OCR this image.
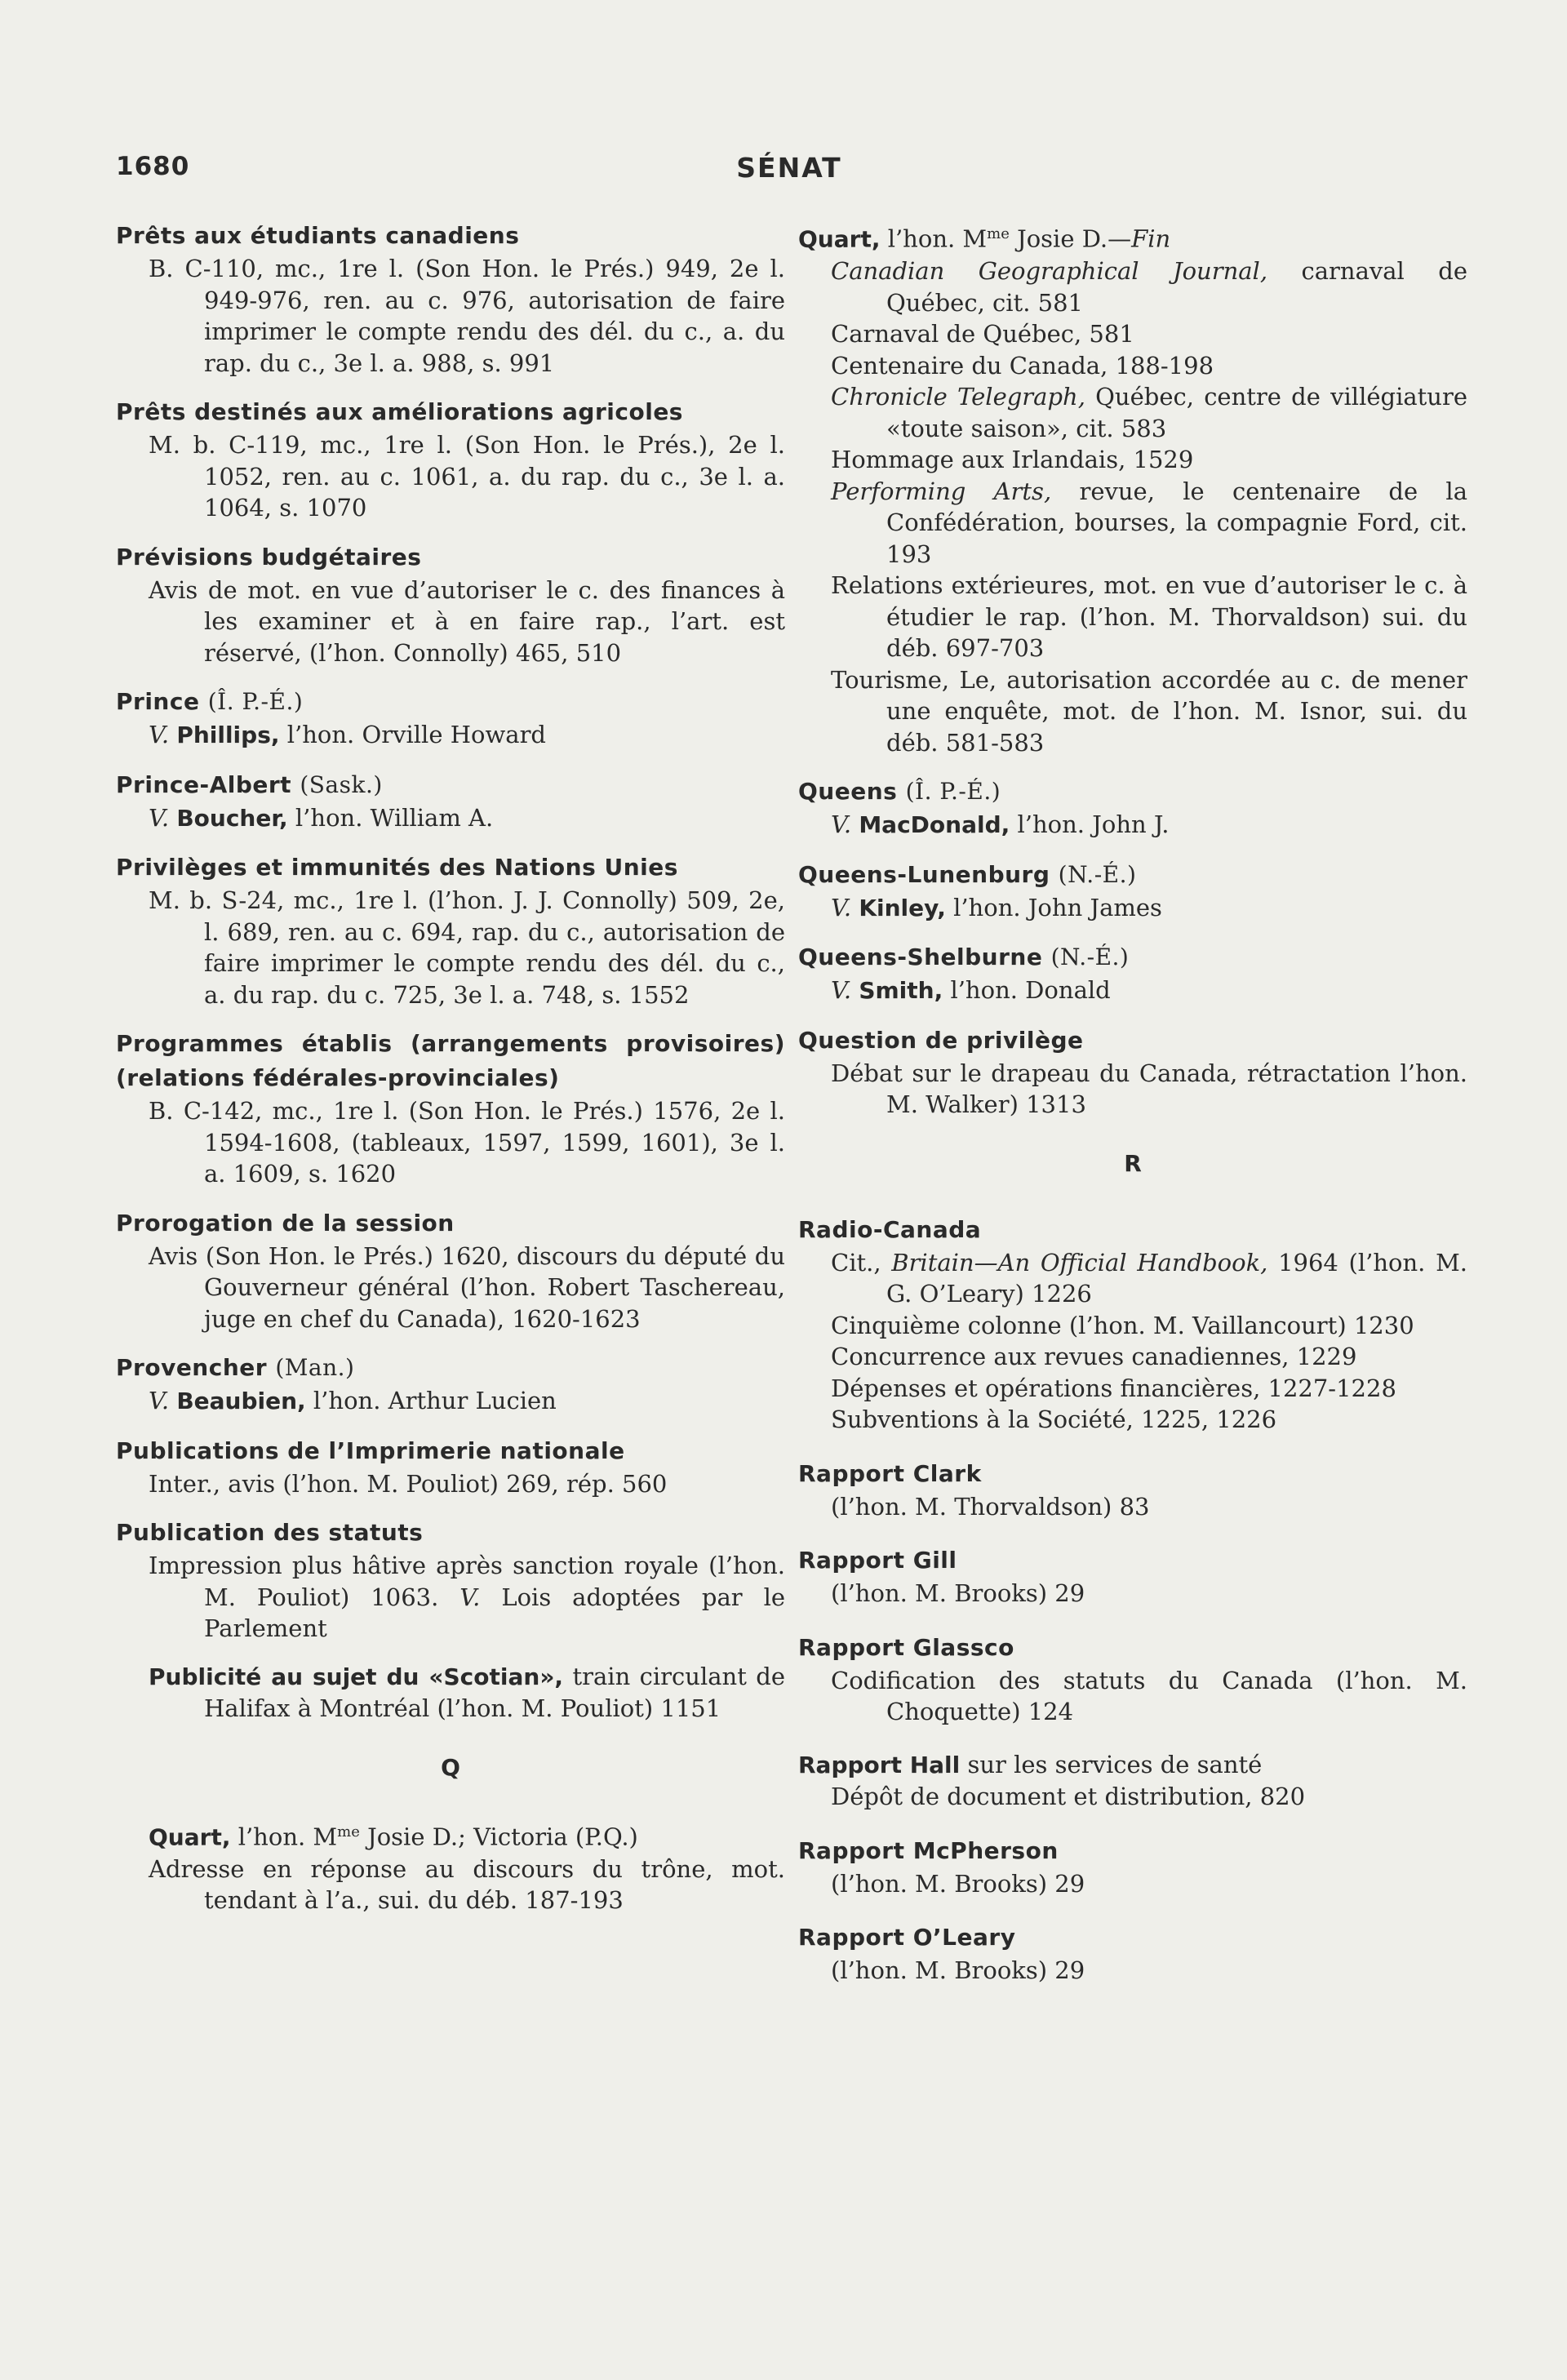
1680	SÉNAT
Prêts aux étudiants canadiens
B. C-110, mc., 1re l. (Son Hon. le Prés.) 949, 2e l. 949-976, ren. au c. 976, autorisation de faire imprimer le compte rendu des dél. du c., a. du rap. du c., 3e l. a. 988, s. 991
Prêts destinés aux améliorations agricoles
M. b. C-119, mc., 1re l. (Son Hon. le Prés.), 2e l. 1052, ren. au c. 1061, a. du rap. du c., 3e l. a. 1064, s. 1070
Prévisions budgétaires
Avis de mot. en vue d’autoriser le c. des finances à les examiner et à en faire rap., l’art. est réservé, (l’hon. Connolly) 465, 510
Prince (Î. P.-É.)
V. Phillips, l’hon. Orville Howard
Prince-Albert (Sask.)
V. Boucher, l’hon. William A.
Privilèges et immunités des Nations Unies
M. b. S-24, mc., 1re l. (l’hon. J. J. Connolly) 509, 2e, l. 689, ren. au c. 694, rap. du c., autorisation de faire imprimer le compte rendu des dél. du c., a. du rap. du c. 725, 3e l. a. 748, s. 1552
Programmes établis (arrangements provisoires) (relations fédérales-provinciales)
B. C-142, mc., 1re l. (Son Hon. le Prés.) 1576, 2e l. 1594-1608, (tableaux, 1597, 1599, 1601), 3e l. a. 1609, s. 1620
Prorogation de la session
Avis (Son Hon. le Prés.) 1620, discours du député du Gouverneur général (l’hon. Robert Taschereau, juge en chef du Canada), 1620-1623
Provencher (Man.)
V. Beaubien, l’hon. Arthur Lucien
Publications de l’Imprimerie nationale
Inter., avis (l’hon. M. Pouliot) 269, rép. 560
Publication des statuts
Impression plus hâtive après sanction royale (l’hon. M. Pouliot) 1063. V. Lois adoptées par le Parlement
Publicité au sujet du «Scotian», train circulant de Halifax à Montréal (l’hon. M. Pouliot) 1151
Q
Quart, l’hon. $M^{me}$ Josie D.; Victoria (P.Q.)
Adresse en réponse au discours du trône, mot. tendant à l’a., sui. du déb. 187-193
Quart, l’hon. $M^{me}$ Josie D.—Fin
Canadian Geographical Journal, carnaval de Québec, cit. 581
Carnaval de Québec, 581
Centenaire du Canada, 188-198
Chronicle Telegraph, Québec, centre de villégiature «toute saison», cit. 583
Hommage aux Irlandais, 1529
Performing Arts, revue, le centenaire de la Confédération, bourses, la compagnie Ford, cit. 193
Relations extérieures, mot. en vue d’autoriser le c. à étudier le rap. (l’hon. M. Thorvaldson) sui. du déb. 697-703
Tourisme, Le, autorisation accordée au c. de mener une enquête, mot. de l’hon. M. Isnor, sui. du déb. 581-583
Queens (Î. P.-É.)
V. MacDonald, l’hon. John J.
Queens-Lunenburg (N.-É.)
V. Kinley, l’hon. John James
Queens-Shelburne (N.-É.)
V. Smith, l’hon. Donald
Question de privilège
Débat sur le drapeau du Canada, rétractation l’hon. M. Walker) 1313
R
Radio-Canada
Cit., Britain—An Official Handbook, 1964 (l’hon. M. G. O’Leary) 1226
Cinquième colonne (l’hon. M. Vaillancourt) 1230
Concurrence aux revues canadiennes, 1229
Dépenses et opérations financières, 1227-1228
Subventions à la Société, 1225, 1226
Rapport Clark
(l’hon. M. Thorvaldson) 83
Rapport Gill
(l’hon. M. Brooks) 29
Rapport Glassco
Codification des statuts du Canada (l’hon. M. Choquette) 124
Rapport Hall sur les services de santé
Dépôt de document et distribution, 820
Rapport McPherson
(l’hon. M. Brooks) 29
Rapport O’Leary
(l’hon. M. Brooks) 29
